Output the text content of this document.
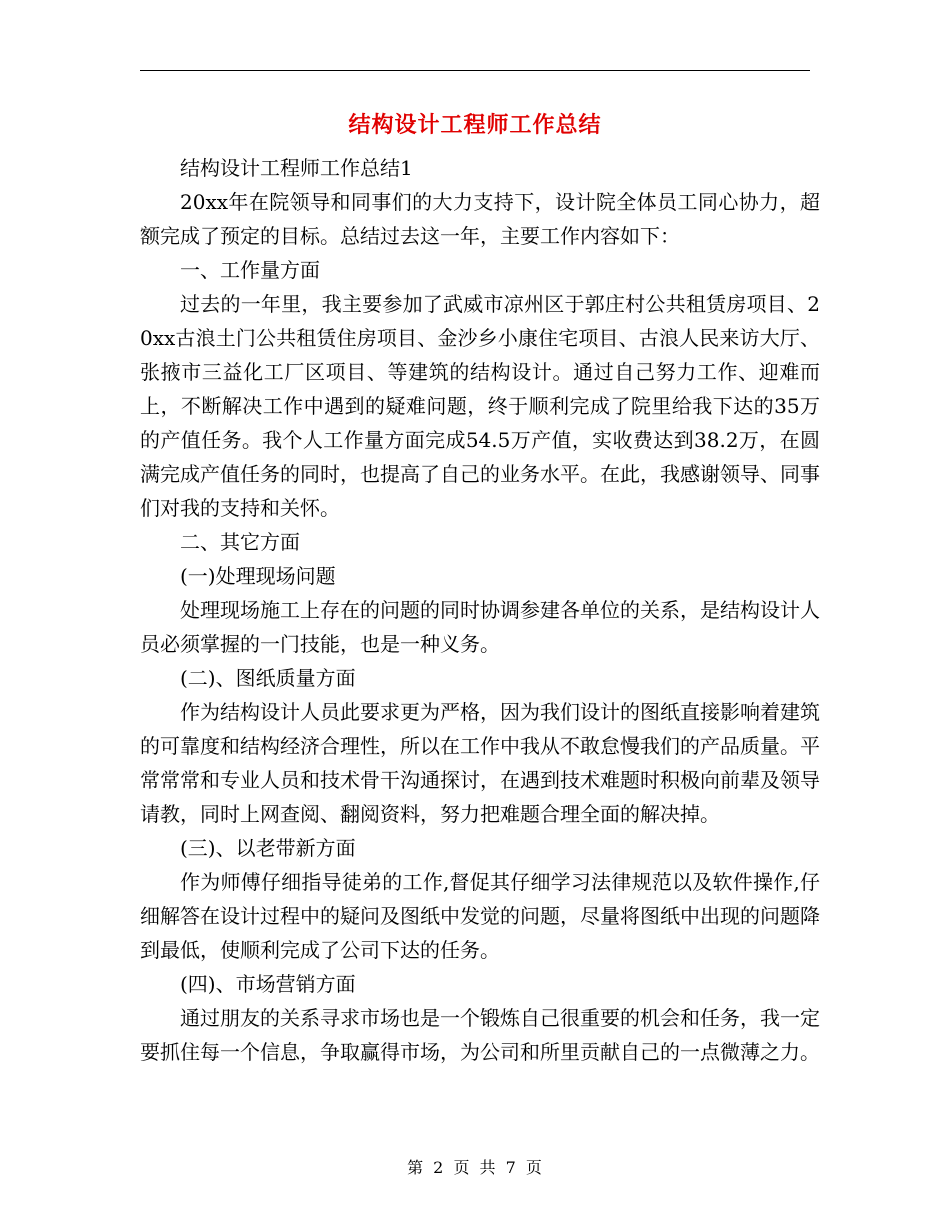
结构设计工程师工作总结

结构设计工程师工作总结1

20xx年在院领导和同事们的大力支持下，设计院全体员工同心协力，超额完成了预定的目标。总结过去这一年，主要工作内容如下：

一、工作量方面

过去的一年里，我主要参加了武威市凉州区于郭庄村公共租赁房项目、20xx古浪土门公共租赁住房项目、金沙乡小康住宅项目、古浪人民来访大厅、张掖市三益化工厂区项目、等建筑的结构设计。通过自己努力工作、迎难而上，不断解决工作中遇到的疑难问题，终于顺利完成了院里给我下达的35万的产值任务。我个人工作量方面完成54.5万产值，实收费达到38.2万，在圆满完成产值任务的同时，也提高了自己的业务水平。在此，我感谢领导、同事们对我的支持和关怀。

二、其它方面

(一)处理现场问题

处理现场施工上存在的问题的同时协调参建各单位的关系，是结构设计人员必须掌握的一门技能，也是一种义务。

(二)、图纸质量方面

作为结构设计人员此要求更为严格，因为我们设计的图纸直接影响着建筑的可靠度和结构经济合理性，所以在工作中我从不敢怠慢我们的产品质量。平常常常和专业人员和技术骨干沟通探讨，在遇到技术难题时积极向前辈及领导请教，同时上网查阅、翻阅资料，努力把难题合理全面的解决掉。

(三)、以老带新方面

作为师傅仔细指导徒弟的工作,督促其仔细学习法律规范以及软件操作,仔细解答在设计过程中的疑问及图纸中发觉的问题，尽量将图纸中出现的问题降到最低，使顺利完成了公司下达的任务。

(四)、市场营销方面

通过朋友的关系寻求市场也是一个锻炼自己很重要的机会和任务，我一定要抓住每一个信息，争取赢得市场，为公司和所里贡献自己的一点微薄之力。

第 2 页 共 7 页
